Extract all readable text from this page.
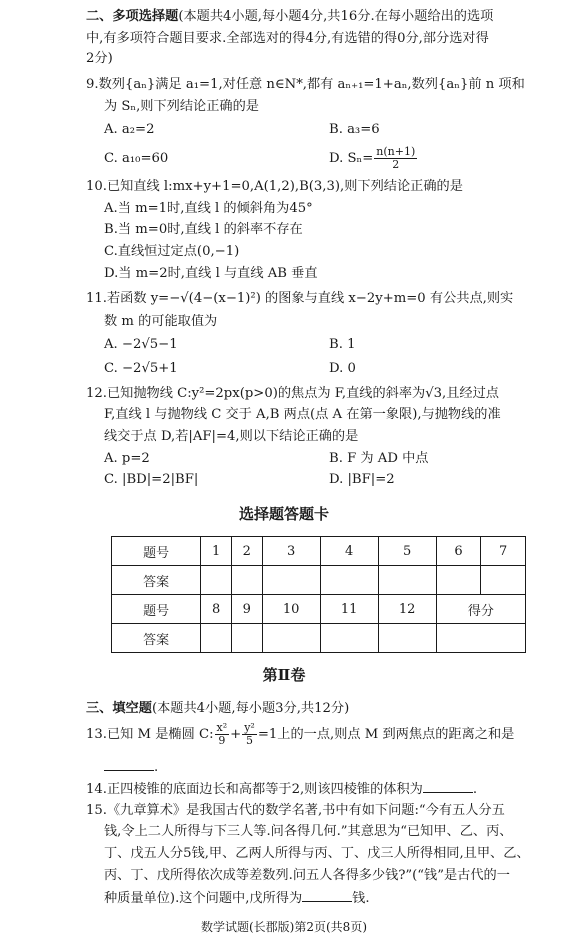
二、多项选择题(本题共4小题,每小题4分,共16分.在每小题给出的选项
中,有多项符合题目要求.全部选对的得4分,有选错的得0分,部分选对得
2分)
9.数列{aₙ}满足 a₁=1,对任意 n∈N*,都有 aₙ₊₁=1+aₙ,数列{aₙ}前 n 项和
为 Sₙ,则下列结论正确的是
A. a₂=2	B. a₃=6
C. a₁₀=60	D. $S_n= \frac{n(n+1)}{2}$
10.已知直线 l:mx+y+1=0,A(1,2),B(3,3),则下列结论正确的是
A.当 m=1时,直线 l 的倾斜角为45°
B.当 m=0时,直线 l 的斜率不存在
C.直线恒过定点(0,−1)
D.当 m=2时,直线 l 与直线 AB 垂直
11.若函数 y=−√(4−(x−1)²) 的图象与直线 x−2y+m=0 有公共点,则实
数 m 的可能取值为
A. −2√5−1	B. 1
C. −2√5+1	D. 0
12.已知抛物线 C:y²=2px(p>0)的焦点为 F,直线的斜率为√3,且经过点
F,直线 l 与抛物线 C 交于 A,B 两点(点 A 在第一象限),与抛物线的准
线交于点 D,若|AF|=4,则以下结论正确的是
A. p=2	B. F 为 AD 中点
C. |BD|=2|BF|	D. |BF|=2
选择题答题卡
题号	1	2	3	4	5	6	7
答案							
题号	8	9	10	11	12	得分	
答案							
第Ⅱ卷
三、填空题(本题共4小题,每小题3分,共12分)
13.已知 M 是椭圆 C: $\frac{\text{x²}}{9} + \frac{\text{y²}}{5} =1$上的一点,则点 M 到两焦点的距离之和是
.
14.正四棱锥的底面边长和高都等于2,则该四棱锥的体积为	.
15.《九章算术》是我国古代的数学名著,书中有如下问题:“今有五人分五
钱,令上二人所得与下三人等.问各得几何.”其意思为“已知甲、乙、丙、
丁、戊五人分5钱,甲、乙两人所得与丙、丁、戊三人所得相同,且甲、乙、
丙、丁、戊所得依次成等差数列.问五人各得多少钱?”(“钱”是古代的一
种质量单位).这个问题中,戊所得为	钱.
数学试题(长郡版)第2页(共8页)
